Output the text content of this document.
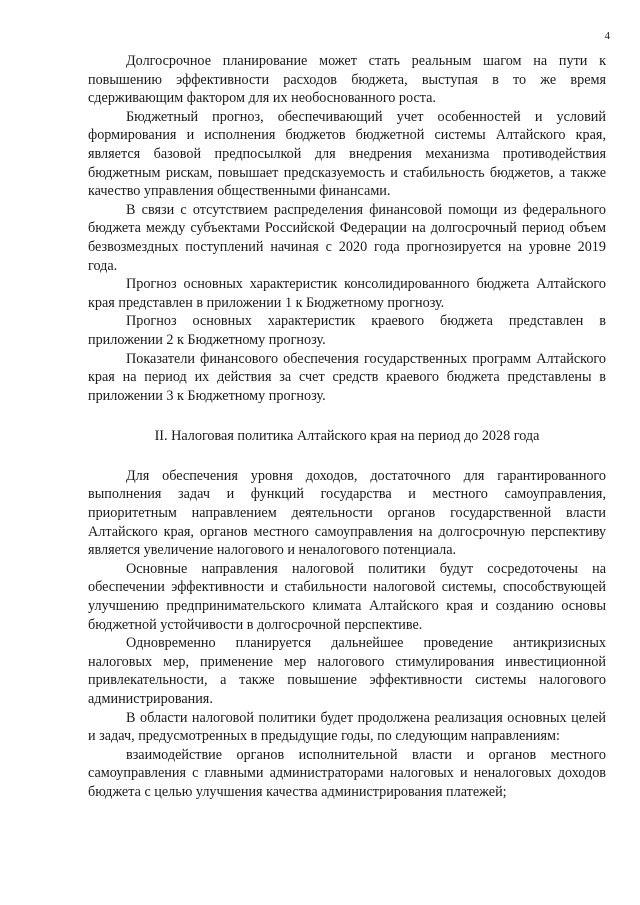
4

Долгосрочное планирование может стать реальным шагом на пути к повышению эффективности расходов бюджета, выступая в то же время сдерживающим фактором для их необоснованного роста.

Бюджетный прогноз, обеспечивающий учет особенностей и условий формирования и исполнения бюджетов бюджетной системы Алтайского края, является базовой предпосылкой для внедрения механизма противодействия бюджетным рискам, повышает предсказуемость и стабильность бюджетов, а также качество управления общественными финансами.

В связи с отсутствием распределения финансовой помощи из федерального бюджета между субъектами Российской Федерации на долгосрочный период объем безвозмездных поступлений начиная с 2020 года прогнозируется на уровне 2019 года.

Прогноз основных характеристик консолидированного бюджета Алтайского края представлен в приложении 1 к Бюджетному прогнозу.

Прогноз основных характеристик краевого бюджета представлен в приложении 2 к Бюджетному прогнозу.

Показатели финансового обеспечения государственных программ Алтайского края на период их действия за счет средств краевого бюджета представлены в приложении 3 к Бюджетному прогнозу.

II. Налоговая политика Алтайского края на период до 2028 года

Для обеспечения уровня доходов, достаточного для гарантированного выполнения задач и функций государства и местного самоуправления, приоритетным направлением деятельности органов государственной власти Алтайского края, органов местного самоуправления на долгосрочную перспективу является увеличение налогового и неналогового потенциала.

Основные направления налоговой политики будут сосредоточены на обеспечении эффективности и стабильности налоговой системы, способствующей улучшению предпринимательского климата Алтайского края и созданию основы бюджетной устойчивости в долгосрочной перспективе.

Одновременно планируется дальнейшее проведение антикризисных налоговых мер, применение мер налогового стимулирования инвестиционной привлекательности, а также повышение эффективности системы налогового администрирования.

В области налоговой политики будет продолжена реализация основных целей и задач, предусмотренных в предыдущие годы, по следующим направлениям:

взаимодействие органов исполнительной власти и органов местного самоуправления с главными администраторами налоговых и неналоговых доходов бюджета с целью улучшения качества администрирования платежей;
